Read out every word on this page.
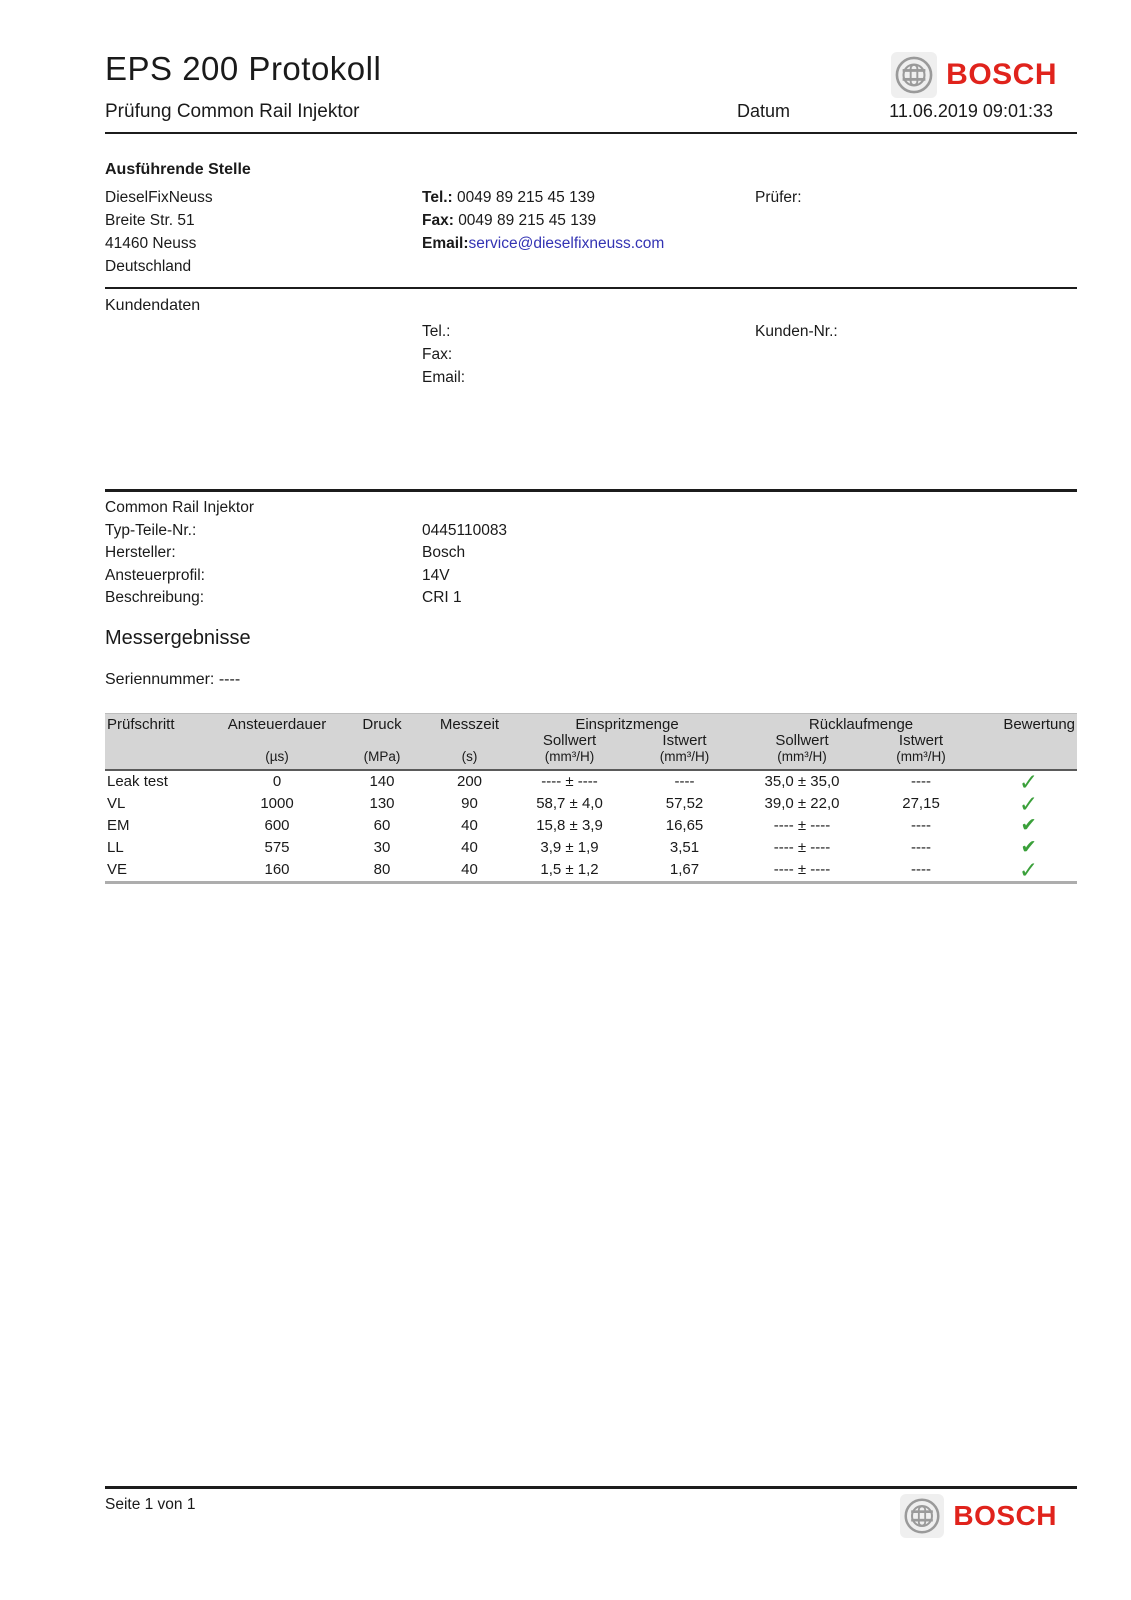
BOSCH
EPS 200 Protokoll
Prüfung Common Rail Injektor	Datum	11.06.2019 09:01:33
Ausführende Stelle
DieselFixNeuss
Breite Str. 51
41460 Neuss
Deutschland
Tel.: 0049 89 215 45 139
Fax: 0049 89 215 45 139
Email:service@dieselfixneuss.com
Prüfer:
Kundendaten
Tel.:
Fax:
Email:
Kunden-Nr.:
Common Rail Injektor
Typ-Teile-Nr.:	0445110083
Hersteller:	Bosch
Ansteuerprofil:	14V
Beschreibung:	CRI 1
Messergebnisse
Seriennummer: ----
Prüfschritt	Ansteuerdauer	Druck	Messzeit	Einspritzmenge		Rücklaufmenge		Bewertung
				Sollwert	Istwert	Sollwert	Istwert	
	(µs)	(MPa)	(s)	(mm³/H)	(mm³/H)	(mm³/H)	(mm³/H)	
Leak test	0	140	200	---- ± ----	----	35,0 ± 35,0	----	✓
VL	1000	130	90	58,7 ± 4,0	57,52	39,0 ± 22,0	27,15	✓
EM	600	60	40	15,8 ± 3,9	16,65	---- ± ----	----	✔
LL	575	30	40	3,9 ± 1,9	3,51	---- ± ----	----	✔
VE	160	80	40	1,5 ± 1,2	1,67	---- ± ----	----	✓
Seite 1 von 1	BOSCH
